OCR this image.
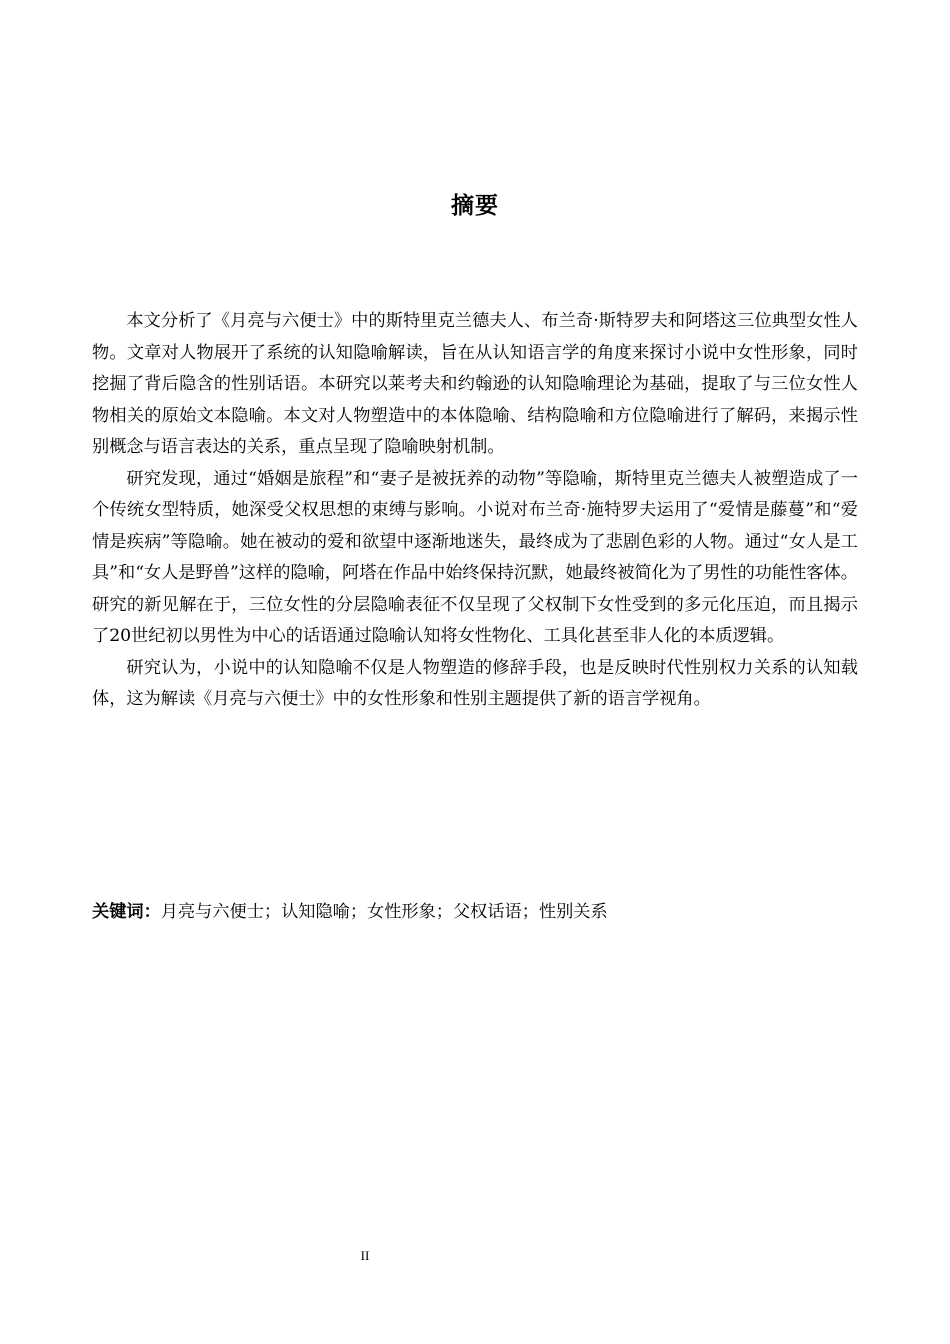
摘要

本文分析了《月亮与六便士》中的斯特里克兰德夫人、布兰奇·斯特罗夫和阿塔这三位典型女性人物。文章对人物展开了系统的认知隐喻解读，旨在从认知语言学的角度来探讨小说中女性形象，同时挖掘了背后隐含的性别话语。本研究以莱考夫和约翰逊的认知隐喻理论为基础，提取了与三位女性人物相关的原始文本隐喻。本文对人物塑造中的本体隐喻、结构隐喻和方位隐喻进行了解码，来揭示性别概念与语言表达的关系，重点呈现了隐喻映射机制。

研究发现，通过“婚姻是旅程”和“妻子是被抚养的动物”等隐喻，斯特里克兰德夫人被塑造成了一个传统女型特质，她深受父权思想的束缚与影响。小说对布兰奇·施特罗夫运用了“爱情是藤蔓”和“爱情是疾病”等隐喻。她在被动的爱和欲望中逐渐地迷失，最终成为了悲剧色彩的人物。通过“女人是工具”和“女人是野兽”这样的隐喻，阿塔在作品中始终保持沉默，她最终被简化为了男性的功能性客体。研究的新见解在于，三位女性的分层隐喻表征不仅呈现了父权制下女性受到的多元化压迫，而且揭示了20世纪初以男性为中心的话语通过隐喻认知将女性物化、工具化甚至非人化的本质逻辑。

研究认为，小说中的认知隐喻不仅是人物塑造的修辞手段，也是反映时代性别权力关系的认知载体，这为解读《月亮与六便士》中的女性形象和性别主题提供了新的语言学视角。

关键词：月亮与六便士；认知隐喻；女性形象；父权话语；性别关系
II
